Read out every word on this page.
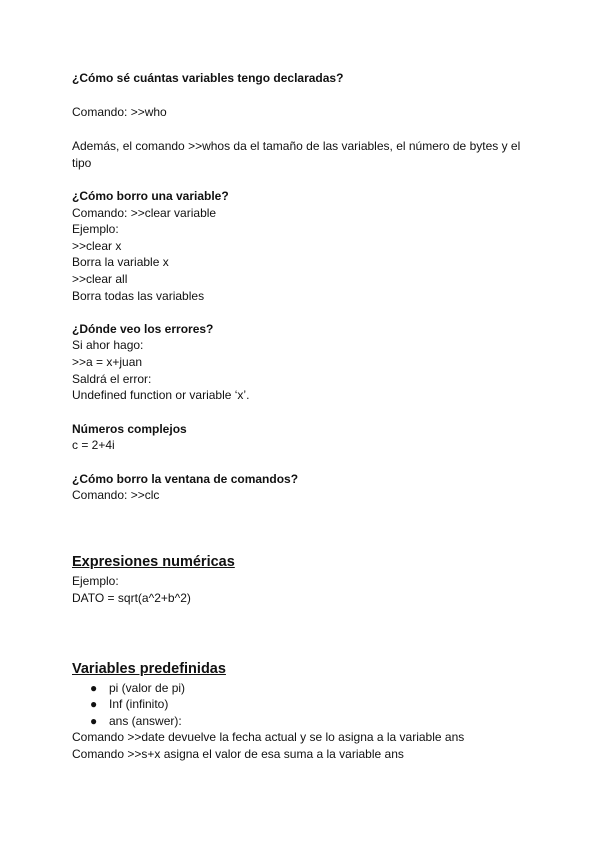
¿Cómo sé cuántas variables tengo declaradas?
Comando: >>who
Además, el comando >>whos da el tamaño de las variables, el número de bytes y el
tipo
¿Cómo borro una variable?
Comando: >>clear variable
Ejemplo:
>>clear x
Borra la variable x
>>clear all
Borra todas las variables
¿Dónde veo los errores?
Si ahor hago:
>>a = x+juan
Saldrá el error:
Undefined function or variable ‘x’.
Números complejos
c = 2+4i
¿Cómo borro la ventana de comandos?
Comando: >>clc
Expresiones numéricas
Ejemplo:
DATO = sqrt(a^2+b^2)
Variables predefinidas
● pi (valor de pi)
● Inf (infinito)
● ans (answer):
Comando >>date devuelve la fecha actual y se lo asigna a la variable ans
Comando >>s+x asigna el valor de esa suma a la variable ans
